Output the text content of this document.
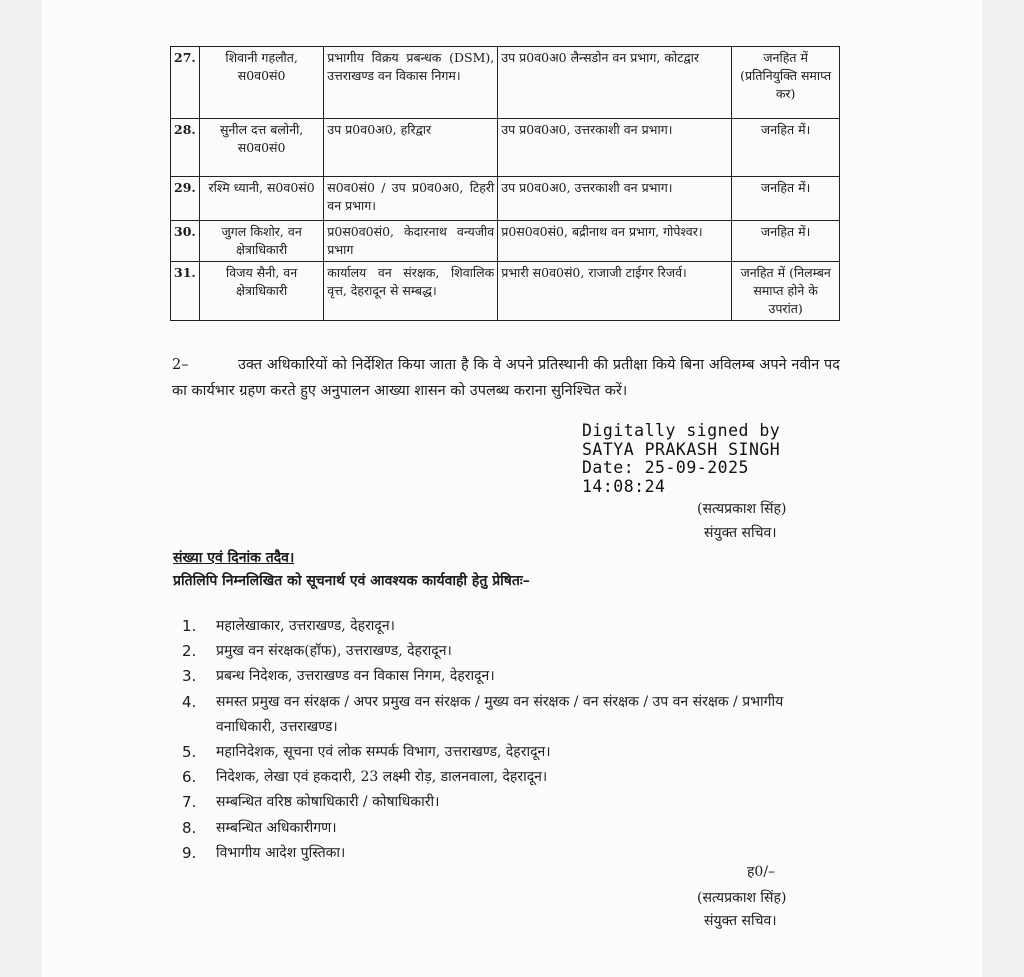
27.	शिवानी गहलौत, स0व0सं0	प्रभागीय विक्रय प्रबन्धक (DSM), उत्तराखण्ड वन विकास निगम।	उप प्र0व0अ0 लैन्सडोन वन प्रभाग, कोटद्वार	जनहित में (प्रतिनियुक्ति समाप्त कर)
28.	सुनील दत्त बलोनी, स0व0सं0	उप प्र0व0अ0, हरिद्वार	उप प्र0व0अ0, उत्तरकाशी वन प्रभाग।	जनहित में।
29.	रश्मि ध्यानी, स0व0सं0	स0व0सं0 / उप प्र0व0अ0, टिहरी वन प्रभाग।	उप प्र0व0अ0, उत्तरकाशी वन प्रभाग।	जनहित में।
30.	जुगल किशोर, वन क्षेत्राधिकारी	प्र0स0व0सं0, केदारनाथ वन्यजीव प्रभाग	प्र0स0व0सं0, बद्रीनाथ वन प्रभाग, गोपेश्वर।	जनहित में।
31.	विजय सैनी, वन क्षेत्राधिकारी	कार्यालय वन संरक्षक, शिवालिक वृत्त, देहरादून से सम्बद्ध।	प्रभारी स0व0सं0, राजाजी टाईगर रिजर्व।	जनहित में (निलम्बन समाप्त होने के उपरांत)
2–	उक्त अधिकारियों को निर्देशित किया जाता है कि वे अपने प्रतिस्थानी की प्रतीक्षा किये बिना अविलम्ब अपने नवीन पद का कार्यभार ग्रहण करते हुए अनुपालन आख्या शासन को उपलब्ध कराना सुनिश्चित करें।
Digitally signed by
SATYA PRAKASH SINGH
Date: 25-09-2025
14:08:24
(सत्यप्रकाश सिंह)
संयुक्त सचिव।
संख्या एवं दिनांक तदैव।
प्रतिलिपि निम्नलिखित को सूचनार्थ एवं आवश्यक कार्यवाही हेतु प्रेषितः–
1.	महालेखाकार, उत्तराखण्ड, देहरादून।
2.	प्रमुख वन संरक्षक(हॉफ), उत्तराखण्ड, देहरादून।
3.	प्रबन्ध निदेशक, उत्तराखण्ड वन विकास निगम, देहरादून।
4.	समस्त प्रमुख वन संरक्षक / अपर प्रमुख वन संरक्षक / मुख्य वन संरक्षक / वन संरक्षक / उप वन संरक्षक / प्रभागीय वनाधिकारी, उत्तराखण्ड।
5.	महानिदेशक, सूचना एवं लोक सम्पर्क विभाग, उत्तराखण्ड, देहरादून।
6.	निदेशक, लेखा एवं हकदारी, 23 लक्ष्मी रोड़, डालनवाला, देहरादून।
7.	सम्बन्धित वरिष्ठ कोषाधिकारी / कोषाधिकारी।
8.	सम्बन्धित अधिकारीगण।
9.	विभागीय आदेश पुस्तिका।
ह0/–
(सत्यप्रकाश सिंह)
संयुक्त सचिव।
